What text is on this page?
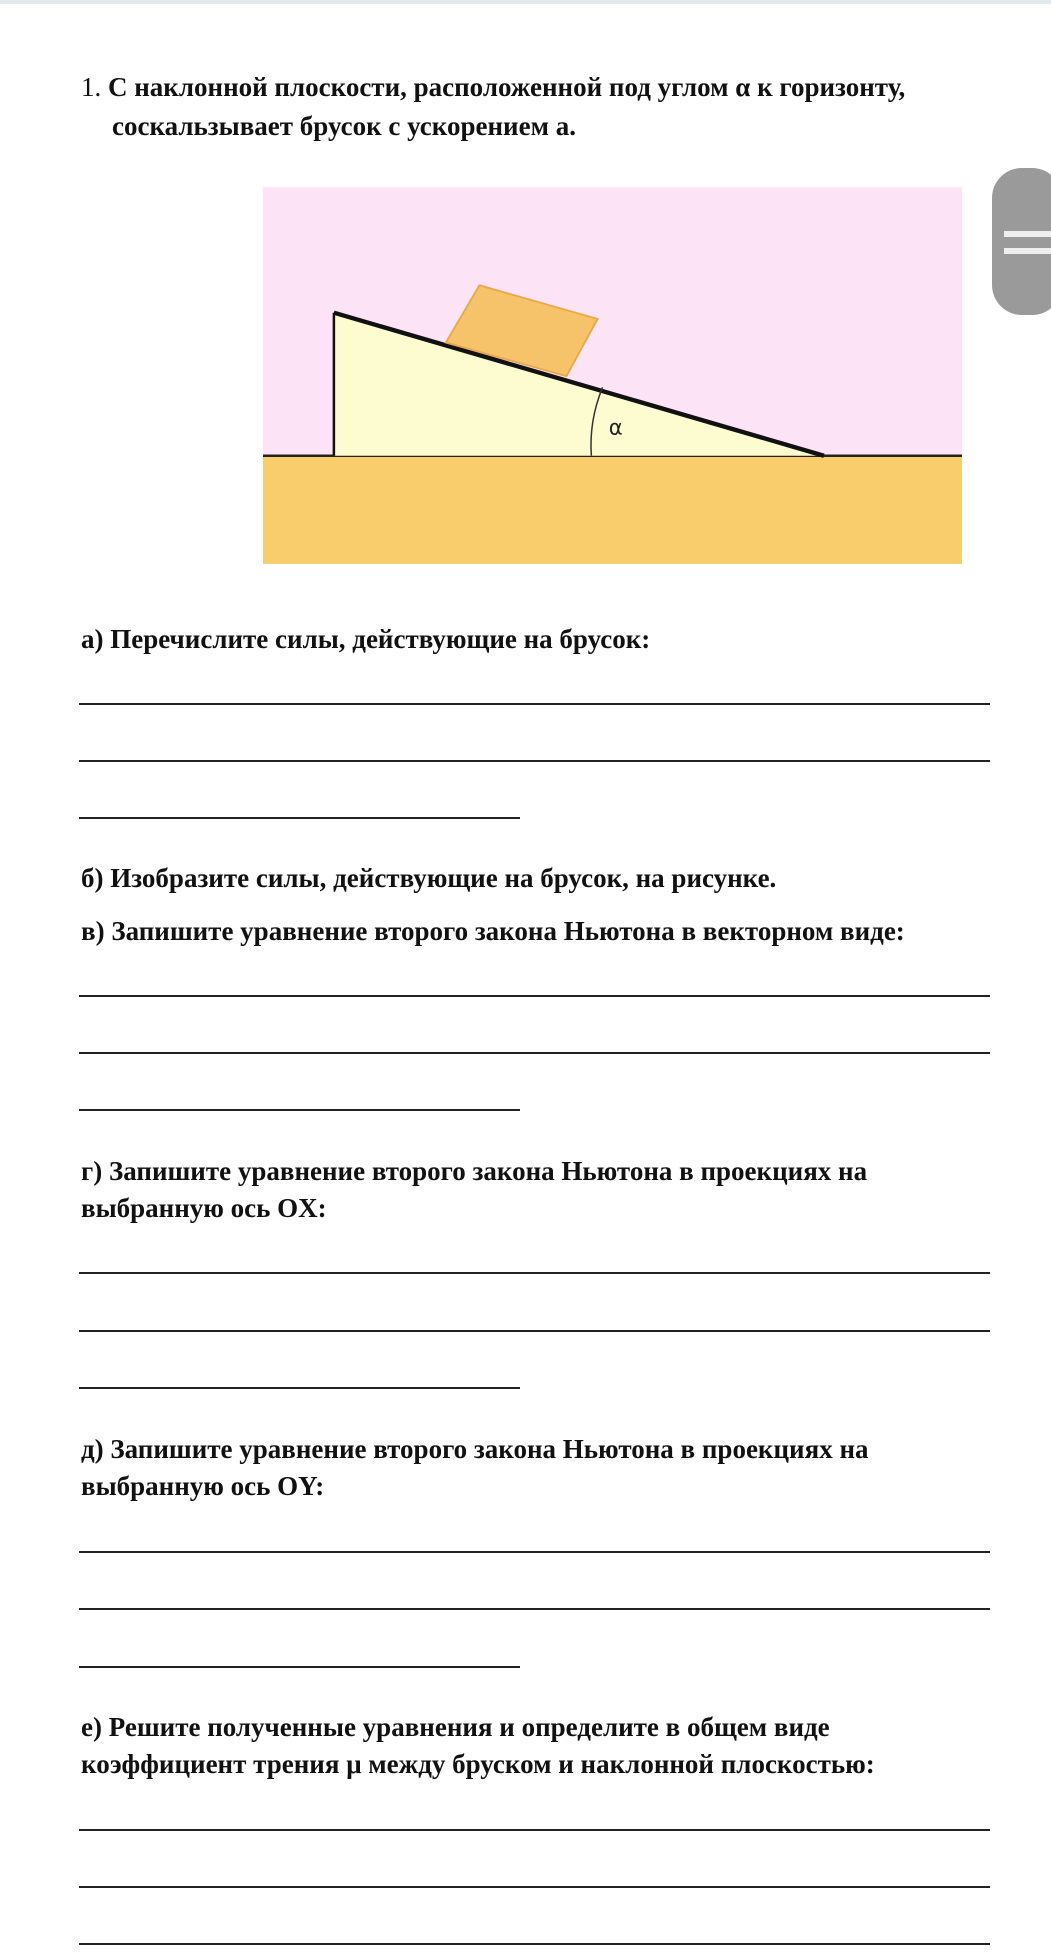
1. С наклонной плоскости, расположенной под углом α к горизонту,
соскальзывает брусок с ускорением a.
α
а) Перечислите силы, действующие на брусок:
б) Изобразите силы, действующие на брусок, на рисунке.
в) Запишите уравнение второго закона Ньютона в векторном виде:
г) Запишите уравнение второго закона Ньютона в проекциях на
выбранную ось OX:
д) Запишите уравнение второго закона Ньютона в проекциях на
выбранную ось OY:
е) Решите полученные уравнения и определите в общем виде
коэффициент трения μ между бруском и наклонной плоскостью:
